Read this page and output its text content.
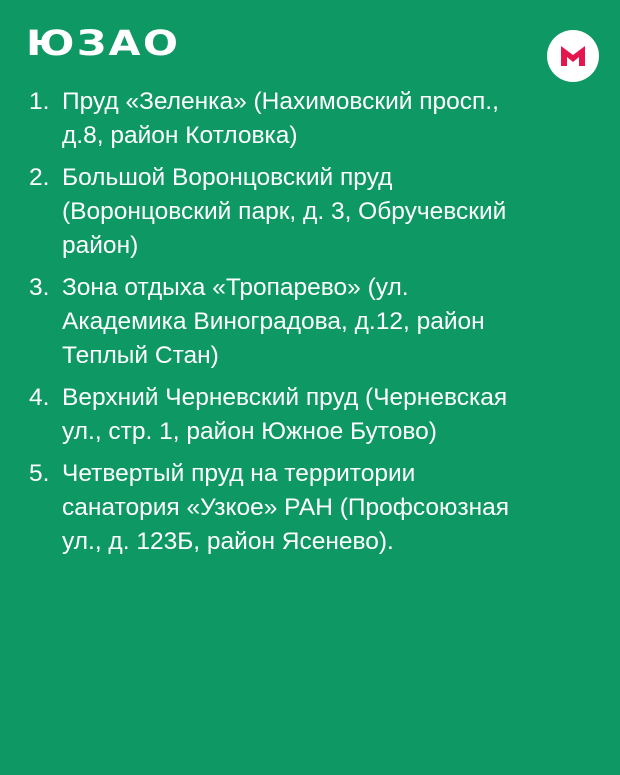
ЮЗАО
1. Пруд «Зеленка» (Нахимовский просп.,
д.8, район Котловка)
2. Большой Воронцовский пруд
(Воронцовский парк, д. 3, Обручевский
район)
3. Зона отдыха «Тропарево» (ул.
Академика Виноградова, д.12, район
Теплый Стан)
4. Верхний Черневский пруд (Черневская
ул., стр. 1, район Южное Бутово)
5. Четвертый пруд на территории
санатория «Узкое» РАН (Профсоюзная
ул., д. 123Б, район Ясенево).
